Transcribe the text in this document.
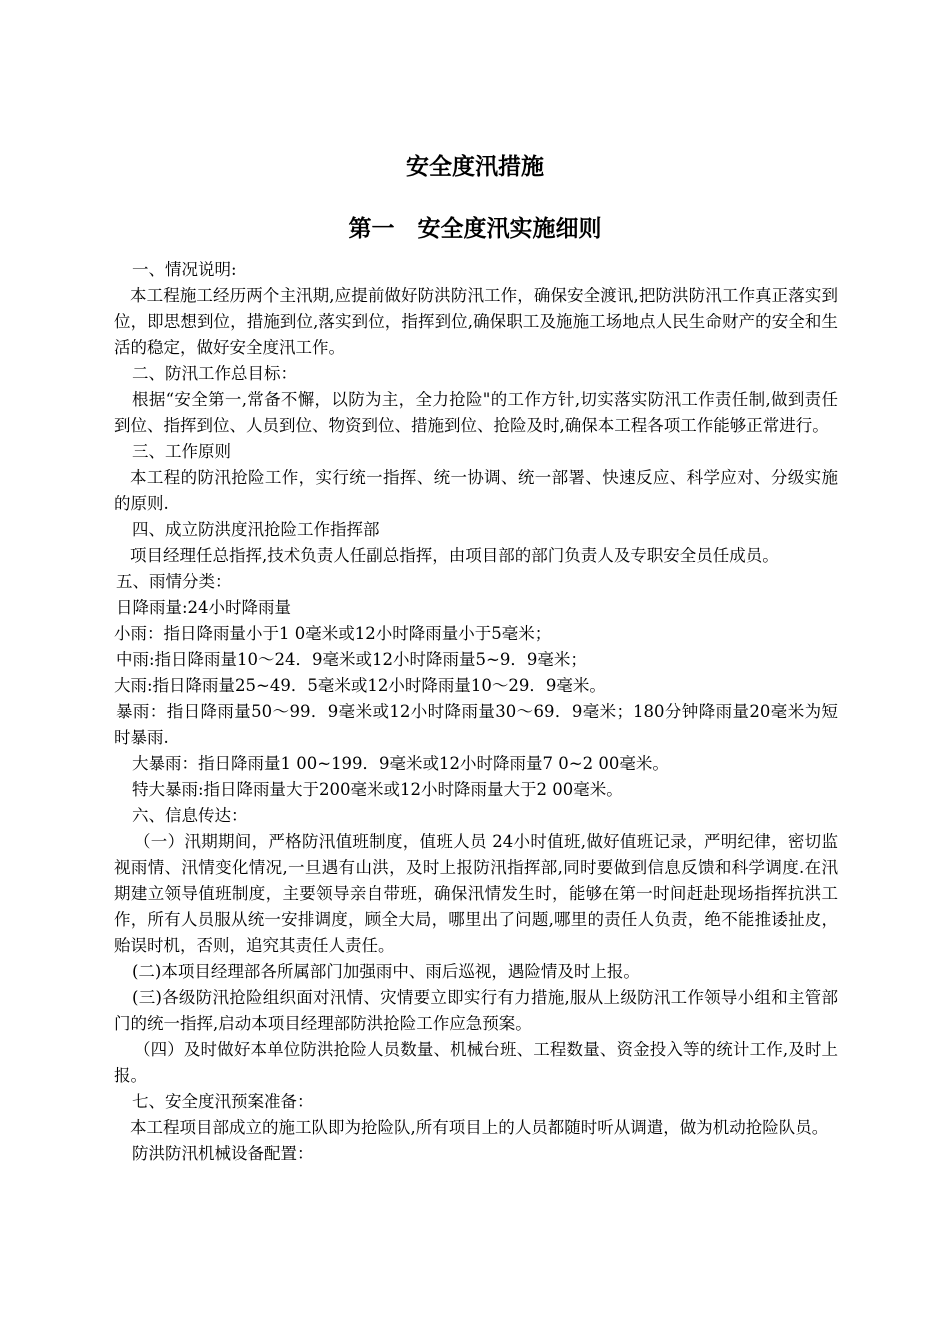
安全度汛措施
第一　安全度汛实施细则

一、情况说明:

本工程施工经历两个主汛期,应提前做好防洪防汛工作，确保安全渡讯,把防洪防汛工作真正落实到位，即思想到位，措施到位,落实到位，指挥到位,确保职工及施施工场地点人民生命财产的安全和生活的稳定，做好安全度汛工作。

二、防汛工作总目标：

根据“安全第一,常备不懈，以防为主，全力抢险"的工作方针,切实落实防汛工作责任制,做到责任到位、指挥到位、人员到位、物资到位、措施到位、抢险及时,确保本工程各项工作能够正常进行。

三、工作原则

本工程的防汛抢险工作，实行统一指挥、统一协调、统一部署、快速反应、科学应对、分级实施的原则.

四、成立防洪度汛抢险工作指挥部

项目经理任总指挥,技术负责人任副总指挥，由项目部的部门负责人及专职安全员任成员。

五、雨情分类：

日降雨量:24小时降雨量

小雨：指日降雨量小于1 0毫米或12小时降雨量小于5毫米；

中雨:指日降雨量10～24．9毫米或12小时降雨量5~9．9毫米；

大雨:指日降雨量25~49．5毫米或12小时降雨量10～29．9毫米。

暴雨：指日降雨量50～99．9毫米或12小时降雨量30～69．9毫米；180分钟降雨量20毫米为短时暴雨.

大暴雨：指日降雨量1 00~199．9毫米或12小时降雨量7 0~2 00毫米。

特大暴雨:指日降雨量大于200毫米或12小时降雨量大于2 00毫米。

六、信息传达：

（一）汛期期间，严格防汛值班制度，值班人员 24小时值班,做好值班记录，严明纪律，密切监视雨情、汛情变化情况,一旦遇有山洪，及时上报防汛指挥部,同时要做到信息反馈和科学调度.在汛期建立领导值班制度，主要领导亲自带班，确保汛情发生时，能够在第一时间赶赴现场指挥抗洪工作，所有人员服从统一安排调度，顾全大局，哪里出了问题,哪里的责任人负责，绝不能推诿扯皮，贻误时机，否则，追究其责任人责任。

(二)本项目经理部各所属部门加强雨中、雨后巡视，遇险情及时上报。

(三)各级防汛抢险组织面对汛情、灾情要立即实行有力措施,服从上级防汛工作领导小组和主管部门的统一指挥,启动本项目经理部防洪抢险工作应急预案。

（四）及时做好本单位防洪抢险人员数量、机械台班、工程数量、资金投入等的统计工作,及时上报。

七、安全度汛预案准备：

本工程项目部成立的施工队即为抢险队,所有项目上的人员都随时听从调遣，做为机动抢险队员。

防洪防汛机械设备配置：
